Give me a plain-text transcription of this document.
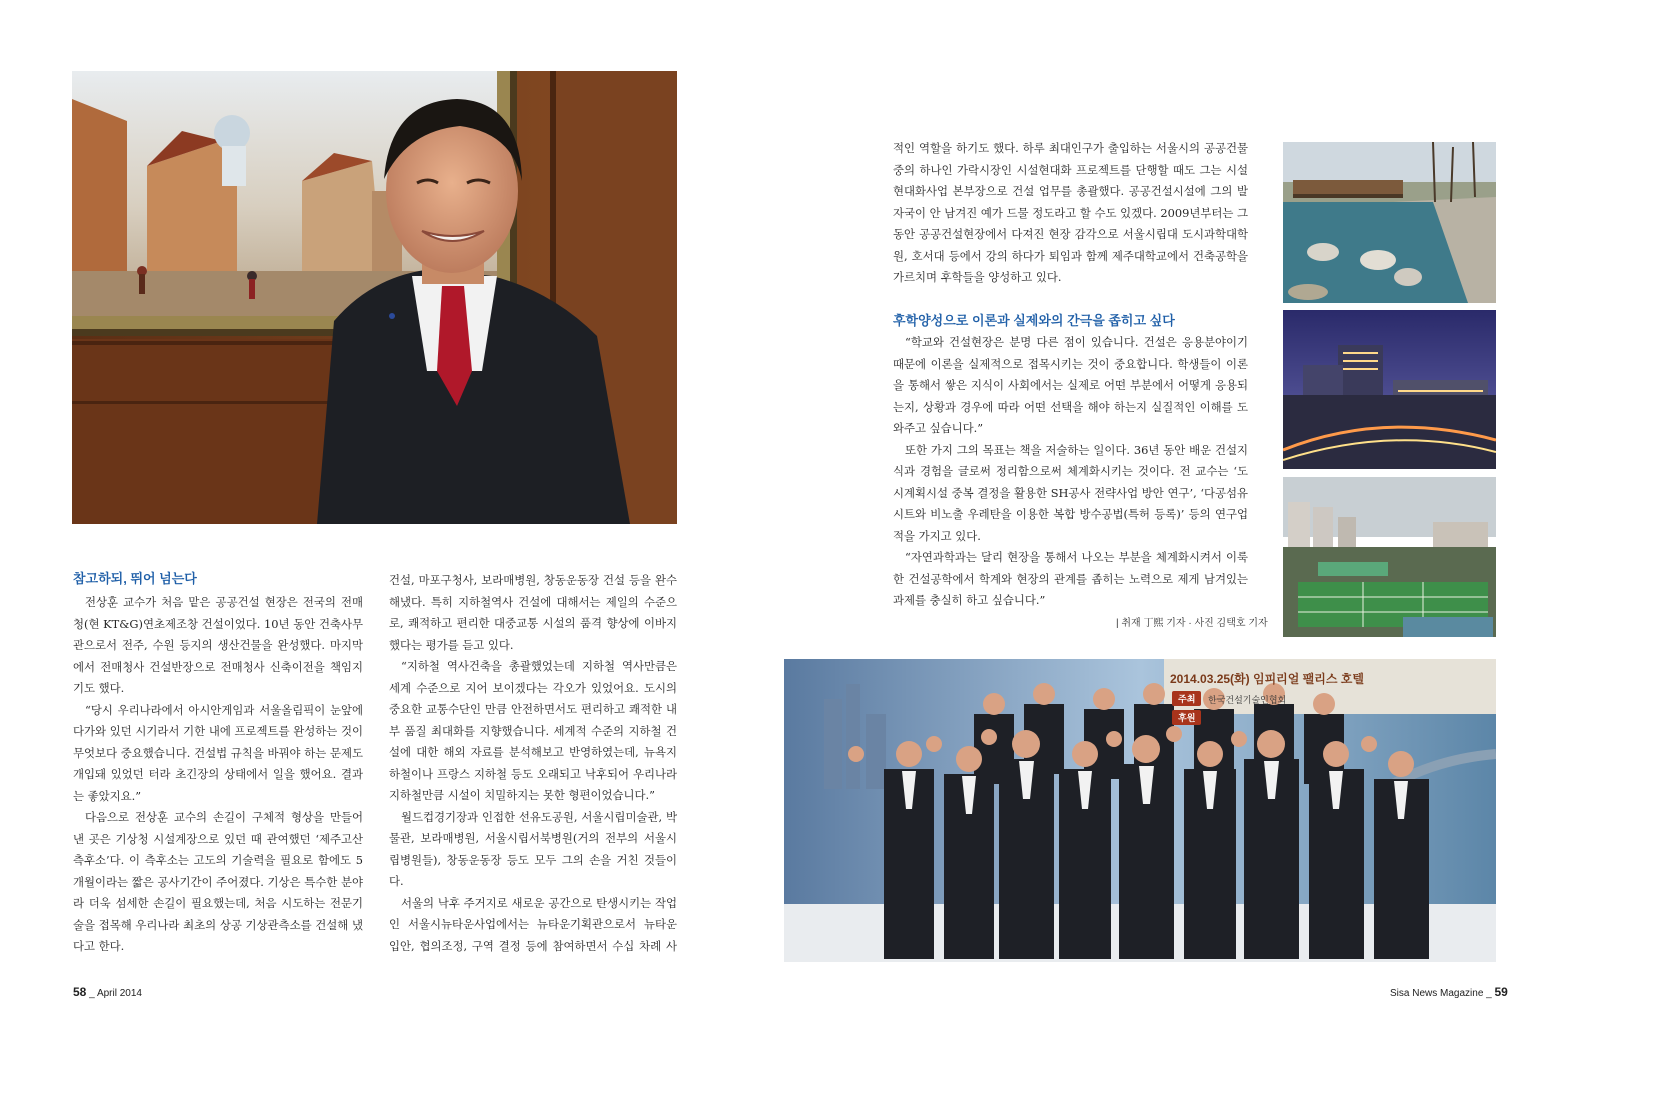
참고하되, 뛰어 넘는다

전상훈 교수가 처음 맡은 공공건설 현장은 전국의 전매청(현 KT&G)연초제조창 건설이었다. 10년 동안 건축사무관으로서 전주, 수원 등지의 생산건물을 완성했다. 마지막에서 전매청사 건설반장으로 전매청사 신축이전을 책임지기도 했다.

“당시 우리나라에서 아시안게임과 서울올림픽이 눈앞에 다가와 있던 시기라서 기한 내에 프로젝트를 완성하는 것이 무엇보다 중요했습니다. 건설법 규칙을 바꿔야 하는 문제도 개입돼 있었던 터라 초긴장의 상태에서 일을 했어요. 결과는 좋았지요.”

다음으로 전상훈 교수의 손길이 구체적 형상을 만들어 낸 곳은 기상청 시설계장으로 있던 때 관여했던 ‘제주고산측후소’다. 이 측후소는 고도의 기술력을 필요로 함에도 5개월이라는 짧은 공사기간이 주어졌다. 기상은 특수한 분야라 더욱 섬세한 손길이 필요했는데, 처음 시도하는 전문기술을 접목해 우리나라 최초의 상공 기상관측소를 건설해 냈다고 한다.

건설, 마포구청사, 보라매병원, 창동운동장 건설 등을 완수해냈다. 특히 지하철역사 건설에 대해서는 제일의 수준으로, 쾌적하고 편리한 대중교통 시설의 품격 향상에 이바지 했다는 평가를 듣고 있다.

“지하철 역사건축을 총괄했었는데 지하철 역사만큼은 세계 수준으로 지어 보이겠다는 각오가 있었어요. 도시의 중요한 교통수단인 만큼 안전하면서도 편리하고 쾌적한 내부 품질 최대화를 지향했습니다. 세계적 수준의 지하철 건설에 대한 해외 자료를 분석해보고 반영하였는데, 뉴욕지하철이나 프랑스 지하철 등도 오래되고 낙후되어 우리나라 지하철만큼 시설이 치밀하지는 못한 형편이었습니다.”

월드컵경기장과 인접한 선유도공원, 서울시립미술관, 박물관, 보라매병원, 서울시립서북병원(거의 전부의 서울시립병원들), 창동운동장 등도 모두 그의 손을 거친 것들이다.

서울의 낙후 주거지로 새로운 공간으로 탄생시키는 작업인 서울시뉴타운사업에서는 뉴타운기획관으로서 뉴타운 입안, 협의조정, 구역 결정 등에 참여하면서 수십 차례 사

적인 역할을 하기도 했다. 하루 최대인구가 출입하는 서울시의 공공건물 중의 하나인 가락시장인 시설현대화 프로젝트를 단행할 때도 그는 시설현대화사업 본부장으로 건설 업무를 총괄했다. 공공건설시설에 그의 발자국이 안 남겨진 예가 드물 정도라고 할 수도 있겠다. 2009년부터는 그동안 공공건설현장에서 다져진 현장 감각으로 서울시립대 도시과학대학원, 호서대 등에서 강의 하다가 퇴임과 함께 제주대학교에서 건축공학을 가르치며 후학들을 양성하고 있다.

후학양성으로 이론과 실제와의 간극을 좁히고 싶다

“학교와 건설현장은 분명 다른 점이 있습니다. 건설은 응용분야이기 때문에 이론을 실제적으로 접목시키는 것이 중요합니다. 학생들이 이론을 통해서 쌓은 지식이 사회에서는 실제로 어떤 부분에서 어떻게 응용되는지, 상황과 경우에 따라 어떤 선택을 해야 하는지 실질적인 이해를 도와주고 싶습니다.”

또한 가지 그의 목표는 책을 저술하는 일이다. 36년 동안 배운 건설지식과 경험을 글로써 정리함으로써 체계화시키는 것이다. 전 교수는 ‘도시계획시설 중복 결정을 활용한 SH공사 전략사업 방안 연구’, ‘다공섬유시트와 비노출 우레탄을 이용한 복합 방수공법(특허 등록)’ 등의 연구업적을 가지고 있다.

“자연과학과는 달리 현장을 통해서 나오는 부분을 체계화시켜서 이룩한 건설공학에서 학계와 현장의 관계를 좁히는 노력으로 제게 남겨있는 과제를 충실히 하고 싶습니다.”

| 취재 丁熙 기자 · 사진 김택호 기자
2014.03.25(화) 임피리얼 팰리스 호텔
주최	한국건설기술인협회
후원
58 _ April 2014	Sisa News Magazine _ 59
